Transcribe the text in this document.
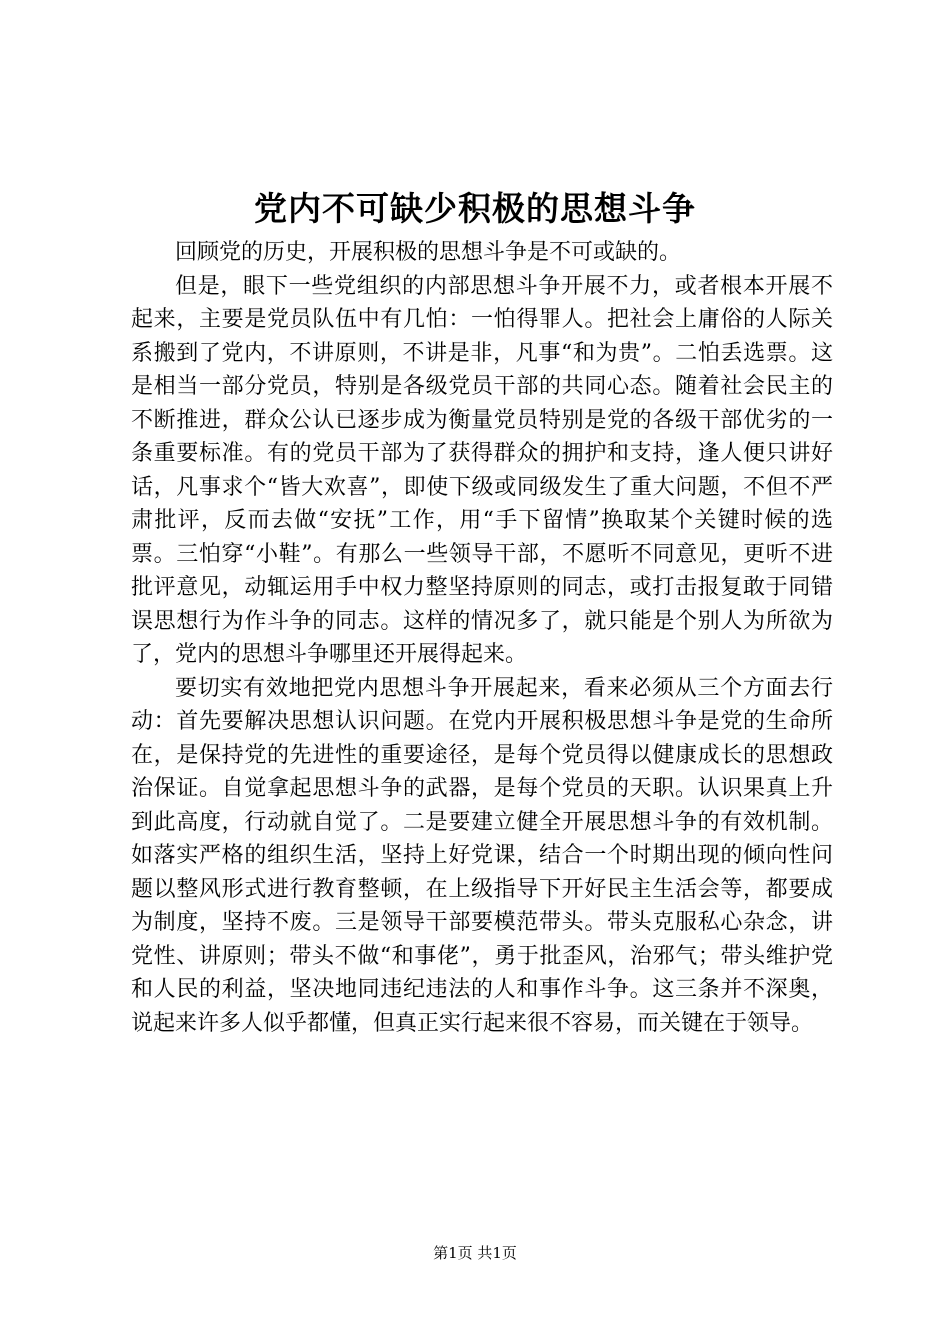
党内不可缺少积极的思想斗争

回顾党的历史，开展积极的思想斗争是不可或缺的。

但是，眼下一些党组织的内部思想斗争开展不力，或者根本开展不起来，主要是党员队伍中有几怕：一怕得罪人。把社会上庸俗的人际关系搬到了党内，不讲原则，不讲是非，凡事“和为贵”。二怕丢选票。这是相当一部分党员，特别是各级党员干部的共同心态。随着社会民主的不断推进，群众公认已逐步成为衡量党员特别是党的各级干部优劣的一条重要标准。有的党员干部为了获得群众的拥护和支持，逢人便只讲好话，凡事求个“皆大欢喜”，即使下级或同级发生了重大问题，不但不严肃批评，反而去做“安抚”工作，用“手下留情”换取某个关键时候的选票。三怕穿“小鞋”。有那么一些领导干部，不愿听不同意见，更听不进批评意见，动辄运用手中权力整坚持原则的同志，或打击报复敢于同错误思想行为作斗争的同志。这样的情况多了，就只能是个别人为所欲为了，党内的思想斗争哪里还开展得起来。

要切实有效地把党内思想斗争开展起来，看来必须从三个方面去行动：首先要解决思想认识问题。在党内开展积极思想斗争是党的生命所在，是保持党的先进性的重要途径，是每个党员得以健康成长的思想政治保证。自觉拿起思想斗争的武器，是每个党员的天职。认识果真上升到此高度，行动就自觉了。二是要建立健全开展思想斗争的有效机制。如落实严格的组织生活，坚持上好党课，结合一个时期出现的倾向性问题以整风形式进行教育整顿，在上级指导下开好民主生活会等，都要成为制度，坚持不废。三是领导干部要模范带头。带头克服私心杂念，讲党性、讲原则；带头不做“和事佬”，勇于批歪风，治邪气；带头维护党和人民的利益，坚决地同违纪违法的人和事作斗争。这三条并不深奥，说起来许多人似乎都懂，但真正实行起来很不容易，而关键在于领导。

第1页 共1页
